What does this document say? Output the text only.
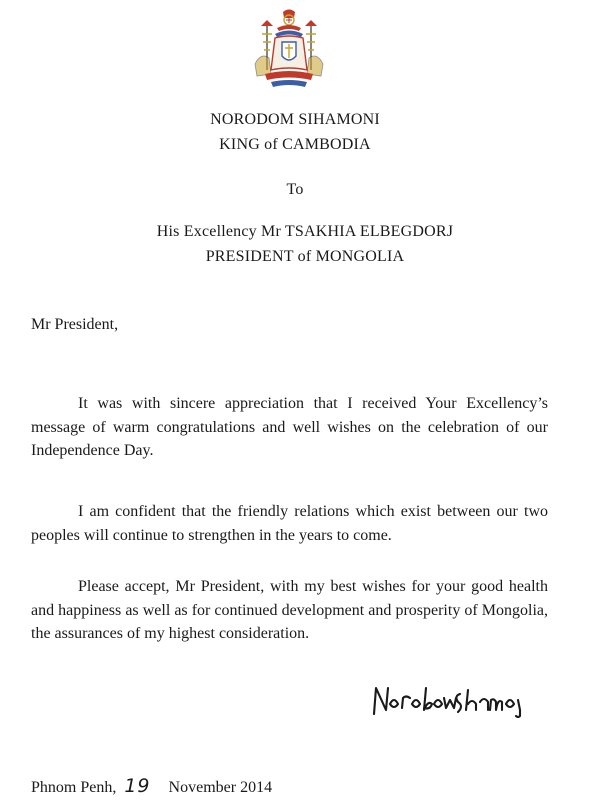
NORODOM SIHAMONI
KING of CAMBODIA
To
His Excellency Mr TSAKHIA ELBEGDORJ
PRESIDENT of MONGOLIA
Mr President,

It was with sincere appreciation that I received Your Excellency’s message of warm congratulations and well wishes on the celebration of our Independence Day.

I am confident that the friendly relations which exist between our two peoples will continue to strengthen in the years to come.

Please accept, Mr President, with my best wishes for your good health and happiness as well as for continued development and prosperity of Mongolia, the assurances of my highest consideration.

Phnom Penh, 19 November 2014
